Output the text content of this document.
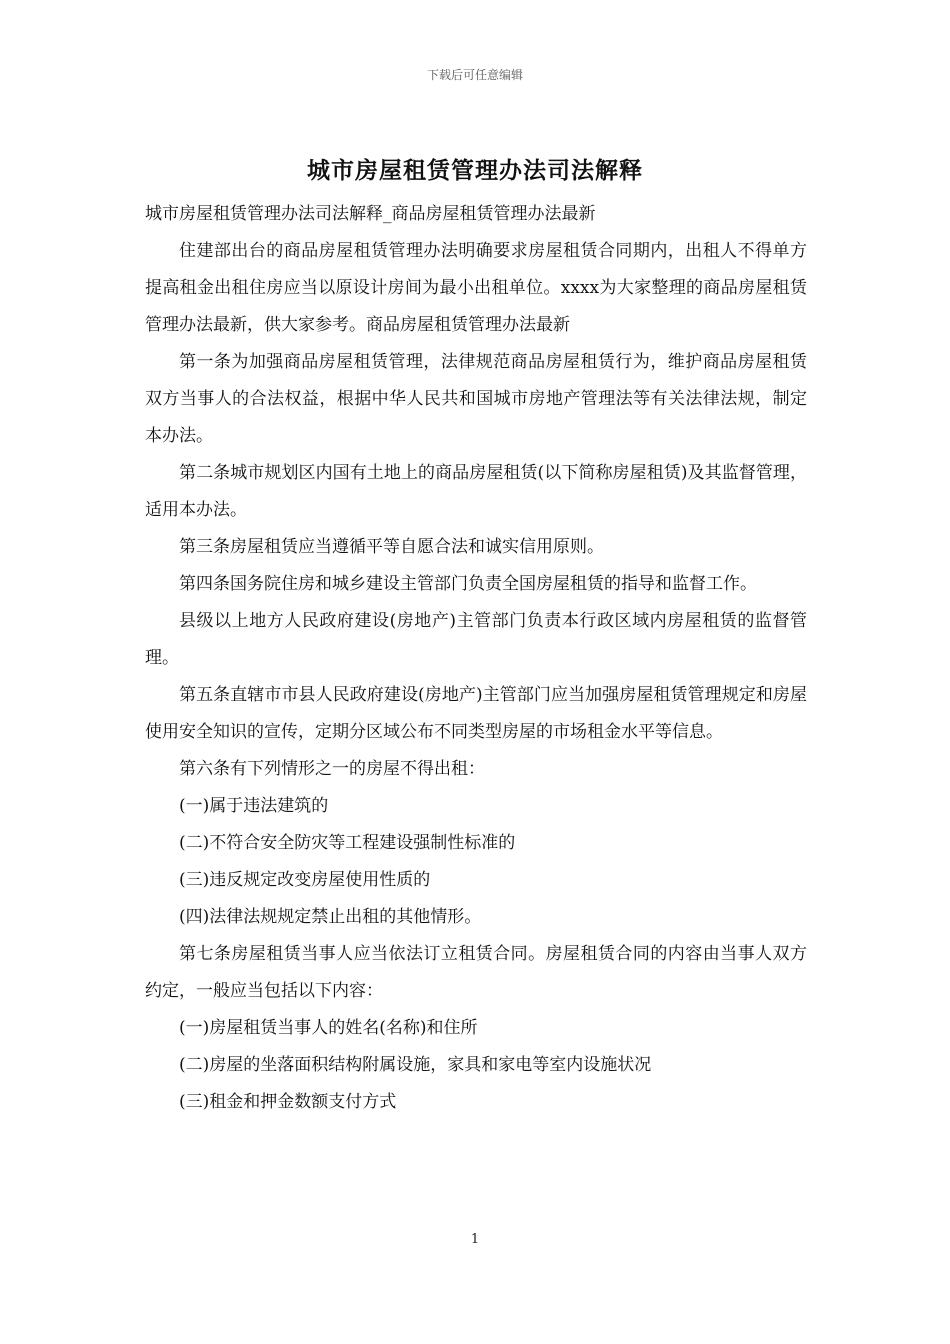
下载后可任意编辑
城市房屋租赁管理办法司法解释

城市房屋租赁管理办法司法解释_商品房屋租赁管理办法最新

住建部出台的商品房屋租赁管理办法明确要求房屋租赁合同期内，出租人不得单方提高租金出租住房应当以原设计房间为最小出租单位。xxxx为大家整理的商品房屋租赁管理办法最新，供大家参考。商品房屋租赁管理办法最新

第一条为加强商品房屋租赁管理，法律规范商品房屋租赁行为，维护商品房屋租赁双方当事人的合法权益，根据中华人民共和国城市房地产管理法等有关法律法规，制定本办法。

第二条城市规划区内国有土地上的商品房屋租赁(以下简称房屋租赁)及其监督管理，适用本办法。

第三条房屋租赁应当遵循平等自愿合法和诚实信用原则。

第四条国务院住房和城乡建设主管部门负责全国房屋租赁的指导和监督工作。

县级以上地方人民政府建设(房地产)主管部门负责本行政区域内房屋租赁的监督管理。

第五条直辖市市县人民政府建设(房地产)主管部门应当加强房屋租赁管理规定和房屋使用安全知识的宣传，定期分区域公布不同类型房屋的市场租金水平等信息。

第六条有下列情形之一的房屋不得出租：

(一)属于违法建筑的

(二)不符合安全防灾等工程建设强制性标准的

(三)违反规定改变房屋使用性质的

(四)法律法规规定禁止出租的其他情形。

第七条房屋租赁当事人应当依法订立租赁合同。房屋租赁合同的内容由当事人双方约定，一般应当包括以下内容：

(一)房屋租赁当事人的姓名(名称)和住所

(二)房屋的坐落面积结构附属设施，家具和家电等室内设施状况

(三)租金和押金数额支付方式

1
